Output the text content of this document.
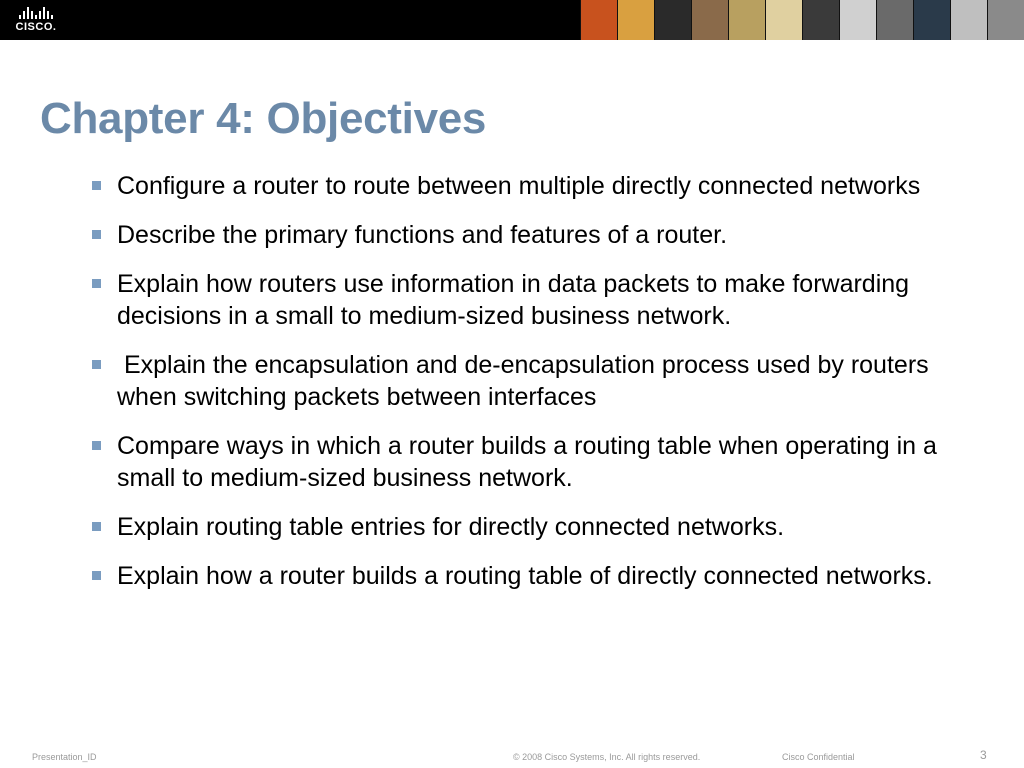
CISCO.
Chapter 4: Objectives
Configure a router to route between multiple directly connected networks
Describe the primary functions and features of a router.
Explain how routers use information in data packets to make forwarding decisions in a small to medium-sized business network.
Explain the encapsulation and de-encapsulation process used by routers when switching packets between interfaces
Compare ways in which a router builds a routing table when operating in a small to medium-sized business network.
Explain routing table entries for directly connected networks.
Explain how a router builds a routing table of directly connected networks.
Presentation_ID	© 2008 Cisco Systems, Inc. All rights reserved.	Cisco Confidential	3
